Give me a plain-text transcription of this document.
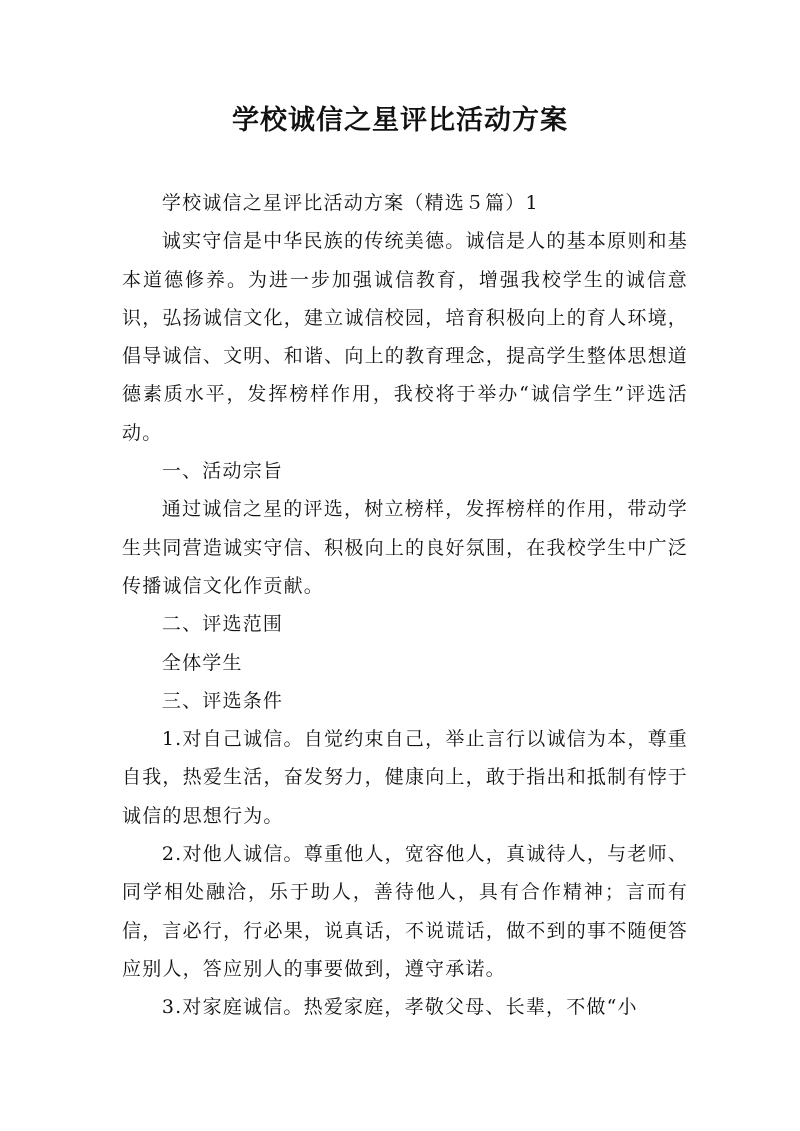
学校诚信之星评比活动方案

学校诚信之星评比活动方案（精选５篇）1

诚实守信是中华民族的传统美德。诚信是人的基本原则和基本道德修养。为进一步加强诚信教育，增强我校学生的诚信意识，弘扬诚信文化，建立诚信校园，培育积极向上的育人环境，倡导诚信、文明、和谐、向上的教育理念，提高学生整体思想道德素质水平，发挥榜样作用，我校将于举办“诚信学生”评选活动。

一、活动宗旨

通过诚信之星的评选，树立榜样，发挥榜样的作用，带动学生共同营造诚实守信、积极向上的良好氛围，在我校学生中广泛传播诚信文化作贡献。

二、评选范围

全体学生

三、评选条件

1.对自己诚信。自觉约束自己，举止言行以诚信为本，尊重自我，热爱生活，奋发努力，健康向上，敢于指出和抵制有悖于诚信的思想行为。

2.对他人诚信。尊重他人，宽容他人，真诚待人，与老师、同学相处融洽，乐于助人，善待他人，具有合作精神；言而有信，言必行，行必果，说真话，不说谎话，做不到的事不随便答应别人，答应别人的事要做到，遵守承诺。

3.对家庭诚信。热爱家庭，孝敬父母、长辈，不做“小
